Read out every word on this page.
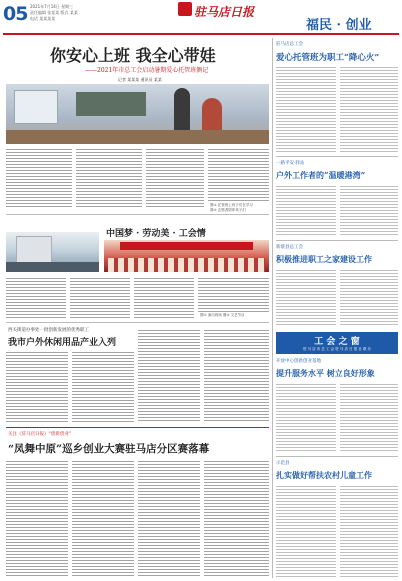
05 2021年7月14日 星期三
责任编辑 张某某 版式 某某
电话 某某某某	驻马店日报
福民 · 创业
你安心上班 我全心带娃
——2021年市总工会启动暑期爱心托管班侧记
记者 某某某 通讯员 某某
图① 托管班上孩子们在学习
图② 志愿者陪伴孩子们
中国梦 · 劳动美 · 工会情
图① 演出现场 图② 文艺节目
西关街道办事处一批创新发展的优秀职工
我市户外休闲用品产业入列
关注《驻马店日报》“创新创业”
“凤舞中原”巡乡创业大赛驻马店分区赛落幕
驻马店总工会
爱心托管班为职工“降心火”
一路平安·驿站
户外工作者的“温暖港湾”
新蔡县总工会
积极推进职工之家建设工作
工 会 之 窗
驻 马 店 市 总 工 会 驻 马 店 日 报 社 联 办
开放中心创新创业基地
提升服务水平 树立良好形象
示范县
扎实做好帮扶农村儿童工作
